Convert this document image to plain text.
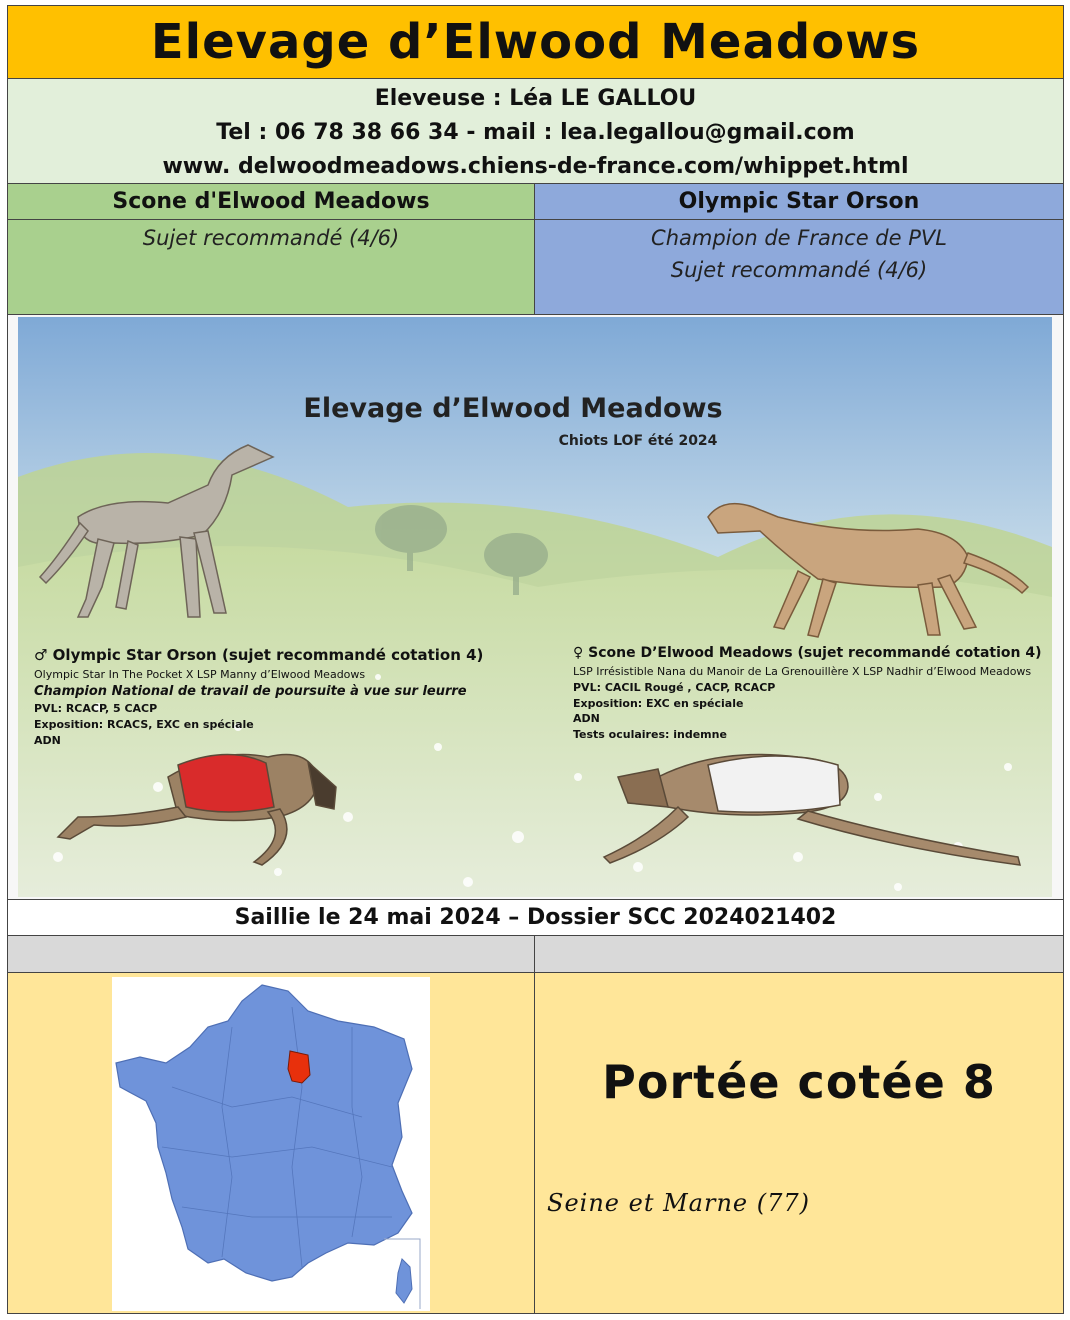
Elevage d’Elwood Meadows
Eleveuse : Léa LE GALLOU
Tel : 06 78 38 66 34 - mail : lea.legallou@gmail.com
www. delwoodmeadows.chiens-de-france.com/whippet.html
Scone d'Elwood Meadows	Olympic Star Orson
Sujet recommandé (4/6)	Champion de France de PVL
Sujet recommandé (4/6)
Elevage d’Elwood Meadows
Chiots LOF été 2024
♂ Olympic Star Orson (sujet recommandé cotation 4)
Olympic Star In The Pocket X LSP Manny d’Elwood Meadows
Champion National de travail de poursuite à vue sur leurre
PVL: RCACP, 5 CACP
Exposition: RCACS, EXC en spéciale
ADN
♀ Scone D’Elwood Meadows (sujet recommandé cotation 4)
LSP Irrésistible Nana du Manoir de La Grenouillère X LSP Nadhir d’Elwood Meadows
PVL: CACIL Rougé , CACP, RCACP
Exposition: EXC en spéciale
ADN
Tests oculaires: indemne
Saillie le 24 mai 2024 – Dossier SCC 2024021402
Portée cotée 8
Seine et Marne (77)
